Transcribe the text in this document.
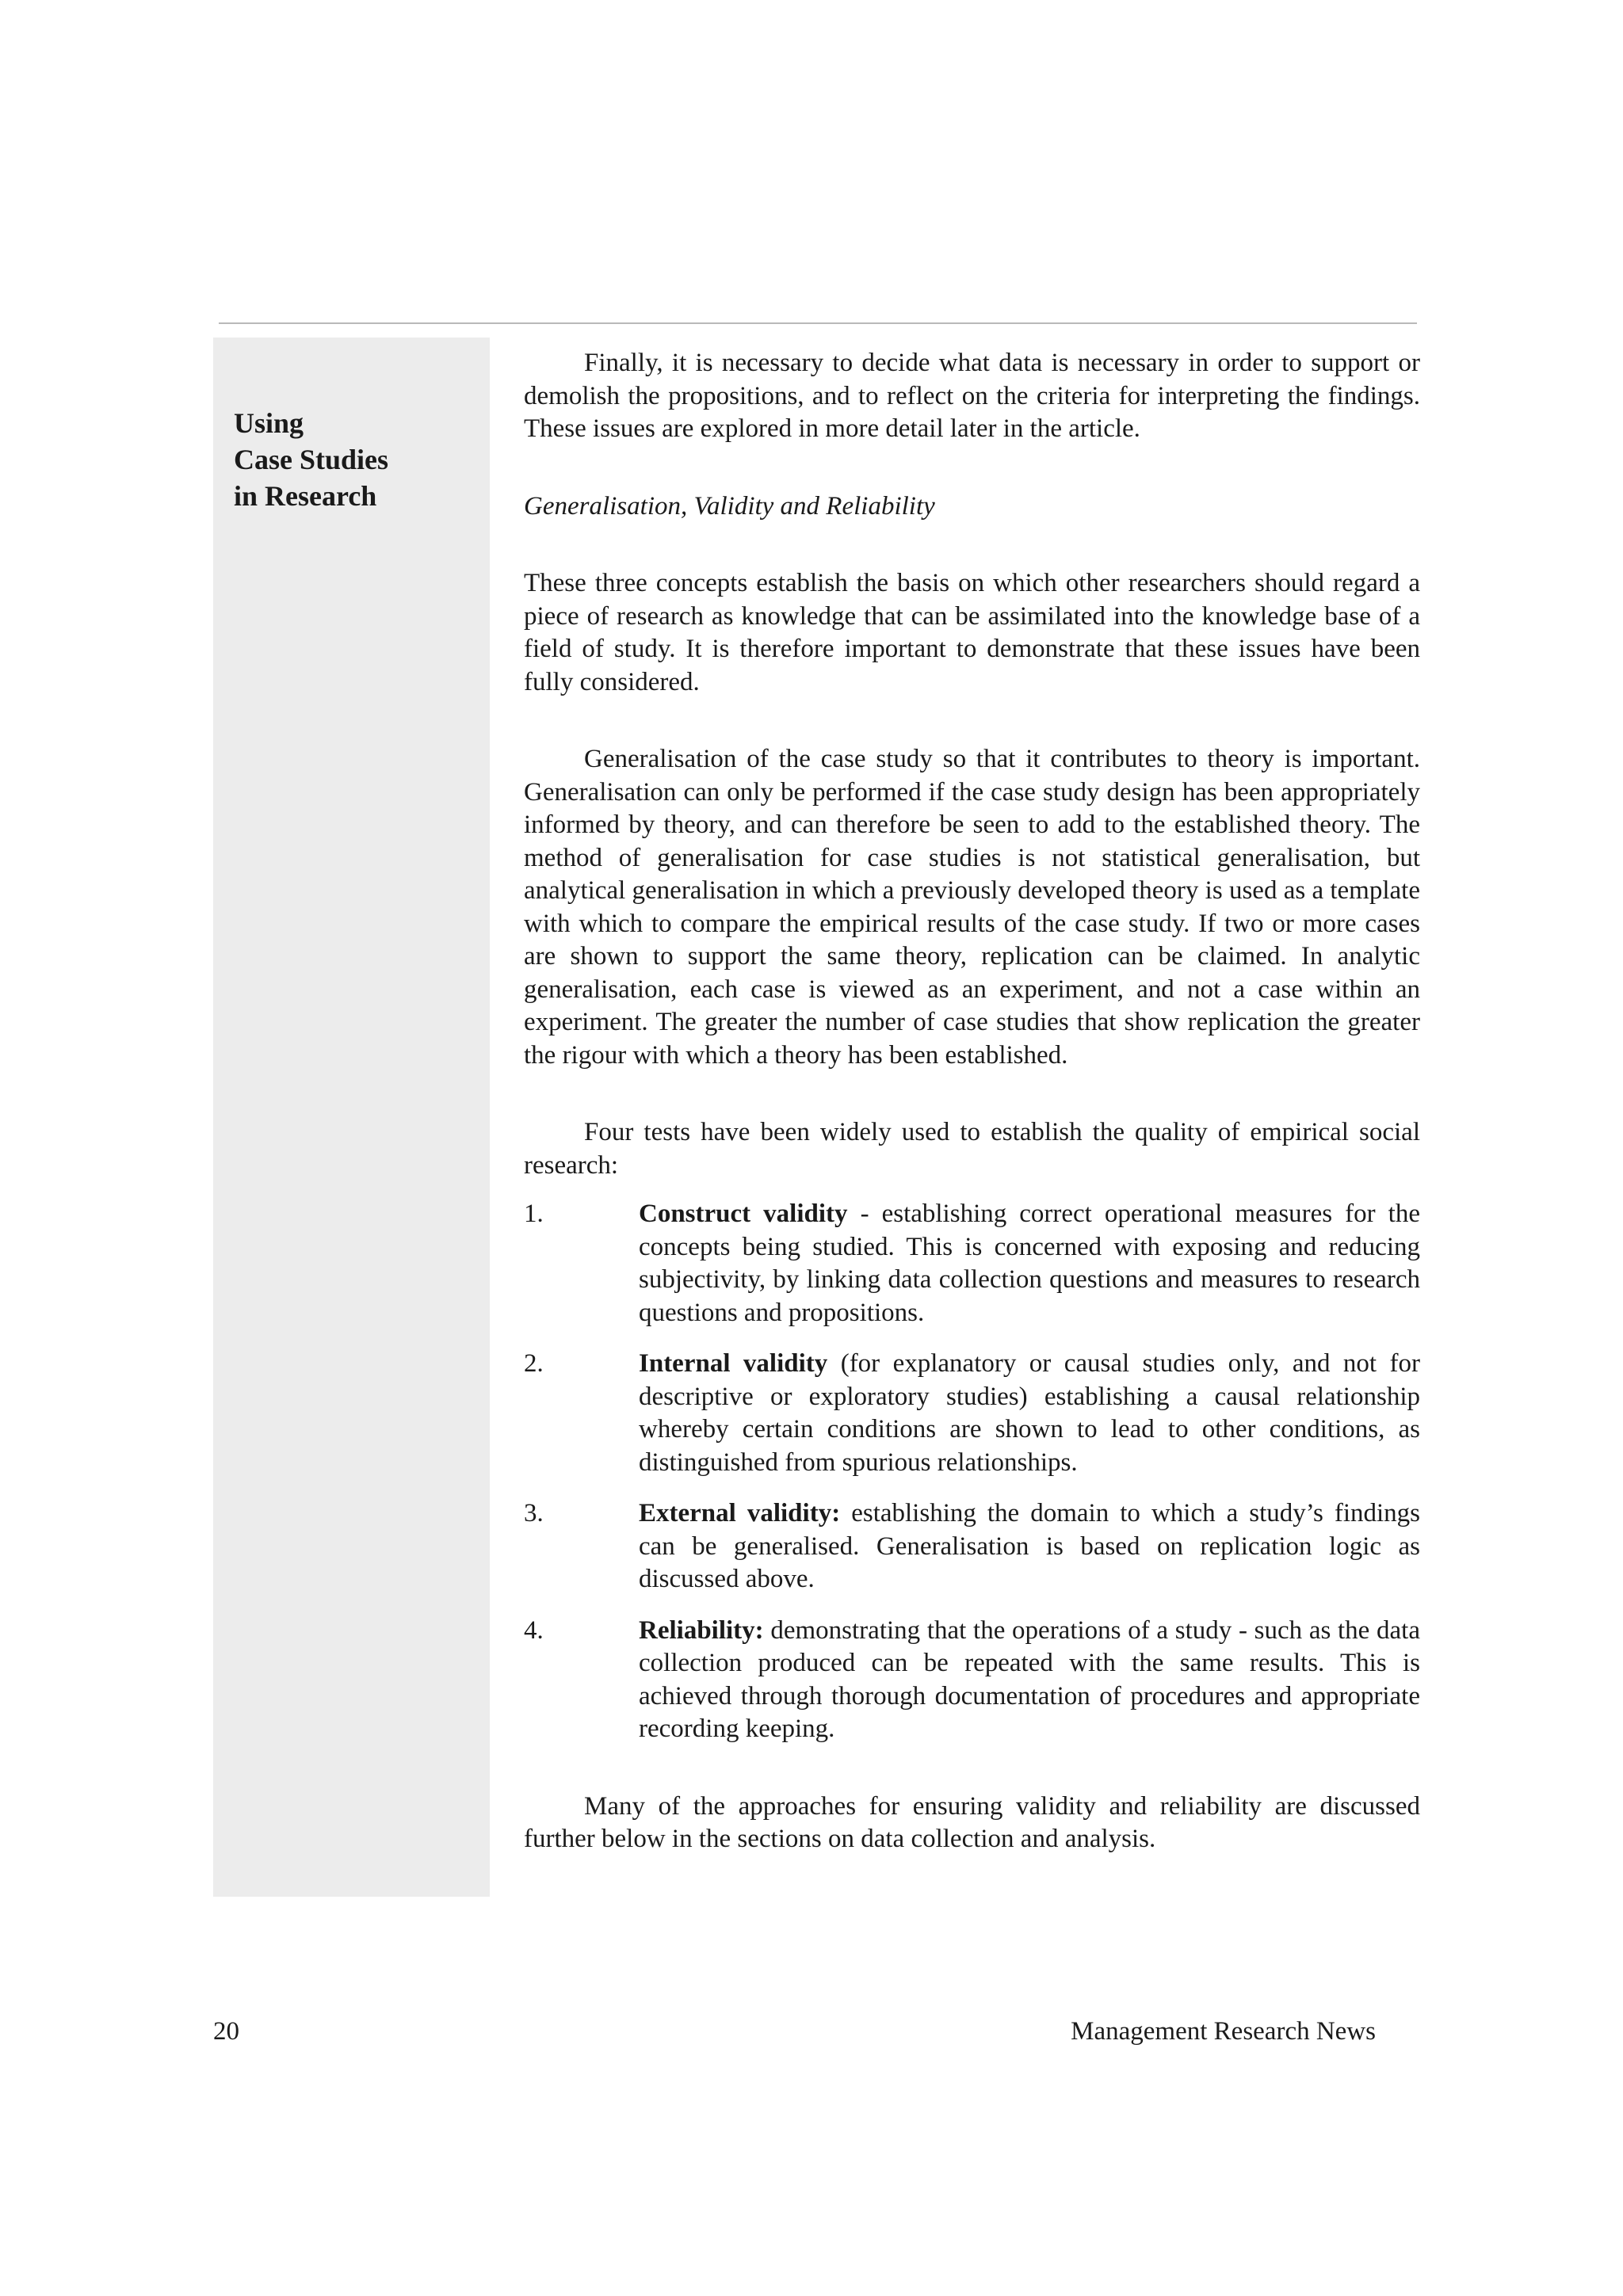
Using
Case Studies
in Research

Finally, it is necessary to decide what data is necessary in order to support or demolish the propositions, and to reflect on the criteria for interpreting the findings. These issues are explored in more detail later in the article.

Generalisation, Validity and Reliability

These three concepts establish the basis on which other researchers should regard a piece of research as knowledge that can be assimilated into the knowledge base of a field of study. It is therefore important to demonstrate that these issues have been fully considered.

Generalisation of the case study so that it contributes to theory is important. Generalisation can only be performed if the case study design has been appropriately informed by theory, and can therefore be seen to add to the established theory. The method of generalisation for case studies is not statistical generalisation, but analytical generalisation in which a previously developed theory is used as a template with which to compare the empirical results of the case study. If two or more cases are shown to support the same theory, replication can be claimed. In analytic generalisation, each case is viewed as an experiment, and not a case within an experiment. The greater the number of case studies that show replication the greater the rigour with which a theory has been established.

Four tests have been widely used to establish the quality of empirical social research:

1.	Construct validity - establishing correct operational measures for the concepts being studied. This is concerned with exposing and reducing subjectivity, by linking data collection questions and measures to research questions and propositions.
2.	Internal validity (for explanatory or causal studies only, and not for descriptive or exploratory studies) establishing a causal relationship whereby certain conditions are shown to lead to other conditions, as distinguished from spurious relationships.
3.	External validity: establishing the domain to which a study’s findings can be generalised. Generalisation is based on replication logic as discussed above.
4.	Reliability: demonstrating that the operations of a study - such as the data collection produced can be repeated with the same results. This is achieved through thorough documentation of procedures and appropriate recording keeping.

Many of the approaches for ensuring validity and reliability are discussed further below in the sections on data collection and analysis.

20	Management Research News
